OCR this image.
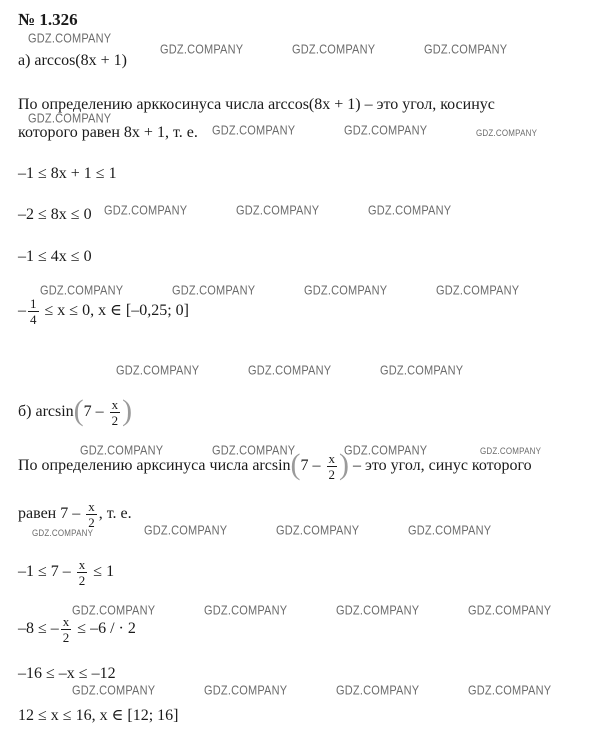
№ 1.326
а) arccos(8x + 1)
По определению арккосинуса числа arccos(8x + 1) – это угол, косинус
которого равен 8x + 1, т. е.
–1 ≤ 8x + 1 ≤ 1
–2 ≤ 8x ≤ 0
–1 ≤ 4x ≤ 0
– $\frac{1}{4} \le x \le 0$, x ∈ [–0,25; 0]
б) $\arcsin(7 - \frac{x}{2}$ )
По определению арксинуса числа $\arcsin(7 - \frac{x}{2}$ ) – это угол, синус которого
равен $7 - \frac{x}{2}$ , т. е.
$-1 \le 7 - \frac{x}{2} \le 1$
–8 ≤ – $\frac{x}{2} \le -6$ / · 2
–16 ≤ –x ≤ –12
12 ≤ x ≤ 16, x ∈ [12; 16]
GDZ.COMPANY
GDZ.COMPANY	GDZ.COMPANY	GDZ.COMPANY
GDZ.COMPANY
GDZ.COMPANY	GDZ.COMPANY	GDZ.COMPANY
GDZ.COMPANY	GDZ.COMPANY	GDZ.COMPANY
GDZ.COMPANY	GDZ.COMPANY	GDZ.COMPANY	GDZ.COMPANY
GDZ.COMPANY	GDZ.COMPANY	GDZ.COMPANY
GDZ.COMPANY	GDZ.COMPANY	GDZ.COMPANY	GDZ.COMPANY
GDZ.COMPANY	GDZ.COMPANY	GDZ.COMPANY	GDZ.COMPANY
GDZ.COMPANY	GDZ.COMPANY	GDZ.COMPANY	GDZ.COMPANY
GDZ.COMPANY	GDZ.COMPANY	GDZ.COMPANY	GDZ.COMPANY
